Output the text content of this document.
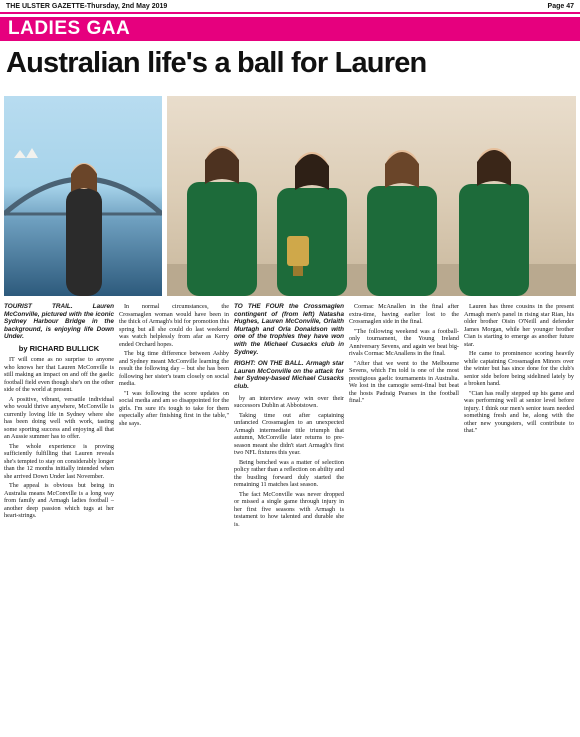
THE ULSTER GAZETTE-Thursday, 2nd May 2019	Page 47
LADIES GAA
Australian life's a ball for Lauren
TOURIST TRAIL. Lauren McConville, pictured with the iconic Sydney Harbour Bridge in the background, is enjoying life Down Under.
by RICHARD BULLICK

IT will come as no surprise to anyone who knows her that Lauren McConville is still making an impact on and off the gaelic football field even though she's on the other side of the world at present.

A positive, vibrant, versatile individual who would thrive anywhere, McConville is currently loving life in Sydney where she has been doing well with work, tasting some sporting success and enjoying all that an Aussie summer has to offer.

The whole experience is proving sufficiently fulfilling that Lauren reveals she's tempted to stay on considerably longer than the 12 months initially intended when she arrived Down Under last November.

The appeal is obvious but being in Australia means McConville is a long way from family and Armagh ladies football – another deep passion which tugs at her heart-strings.

In normal circumstances, the Crossmaglen woman would have been in the thick of Armagh's bid for promotion this spring but all she could do last weekend was watch helplessly from afar as Kerry ended Orchard hopes.

The big time difference between Ashby and Sydney meant McConville learning the result the following day – but she has been following her sister's team closely on social media.

"I was following the score updates on social media and am so disappointed for the girls. I'm sure it's tough to take for them especially after finishing first in the table," she says.

TO THE FOUR the Crossmaglen contingent of (from left) Natasha Hughes, Lauren McConville, Orlaith Murtagh and Orla Donaldson with one of the trophies they have won with the Michael Cusacks club in Sydney.
RIGHT: ON THE BALL. Armagh star Lauren McConville on the attack for her Sydney-based Michael Cusacks club.

by an interview away win over their successors Dublin at Abbotstown.

Taking time out after captaining unfancied Crossmaglen to an unexpected Armagh intermediate title triumph that autumn, McConville later returns to pre-season meant she didn't start Armagh's first two NFL fixtures this year.

Being benched was a matter of selection policy rather than a reflection on ability and the bustling forward duly started the remaining 11 matches last season.

The fact McConville was never dropped or missed a single game through injury in her first five seasons with Armagh is testament to how talented and durable she is.

Cormac McAnallen in the final after extra-time, having earlier lost to the Crossmaglen side in the final.

"The following weekend was a football-only tournament, the Young Ireland Anniversary Sevens, and again we beat big-rivals Cormac McAnallens in the final.

"After that we went to the Melbourne Sevens, which I'm told is one of the most prestigious gaelic tournaments in Australia. We lost in the camogie semi-final but beat the hosts Padraig Pearses in the football final."

Lauren has three cousins in the present Armagh men's panel in rising star Rian, his older brother Oisin O'Neill and defender James Morgan, while her younger brother Cian is starting to emerge as another future star.

He came to prominence scoring heavily while captaining Crossmaglen Minors over the winter but has since done for the club's senior side before being sidelined lately by a broken hand.

"Cian has really stepped up his game and was performing well at senior level before injury. I think our men's senior team needed something fresh and he, along with the other new youngsters, will contribute to that."
